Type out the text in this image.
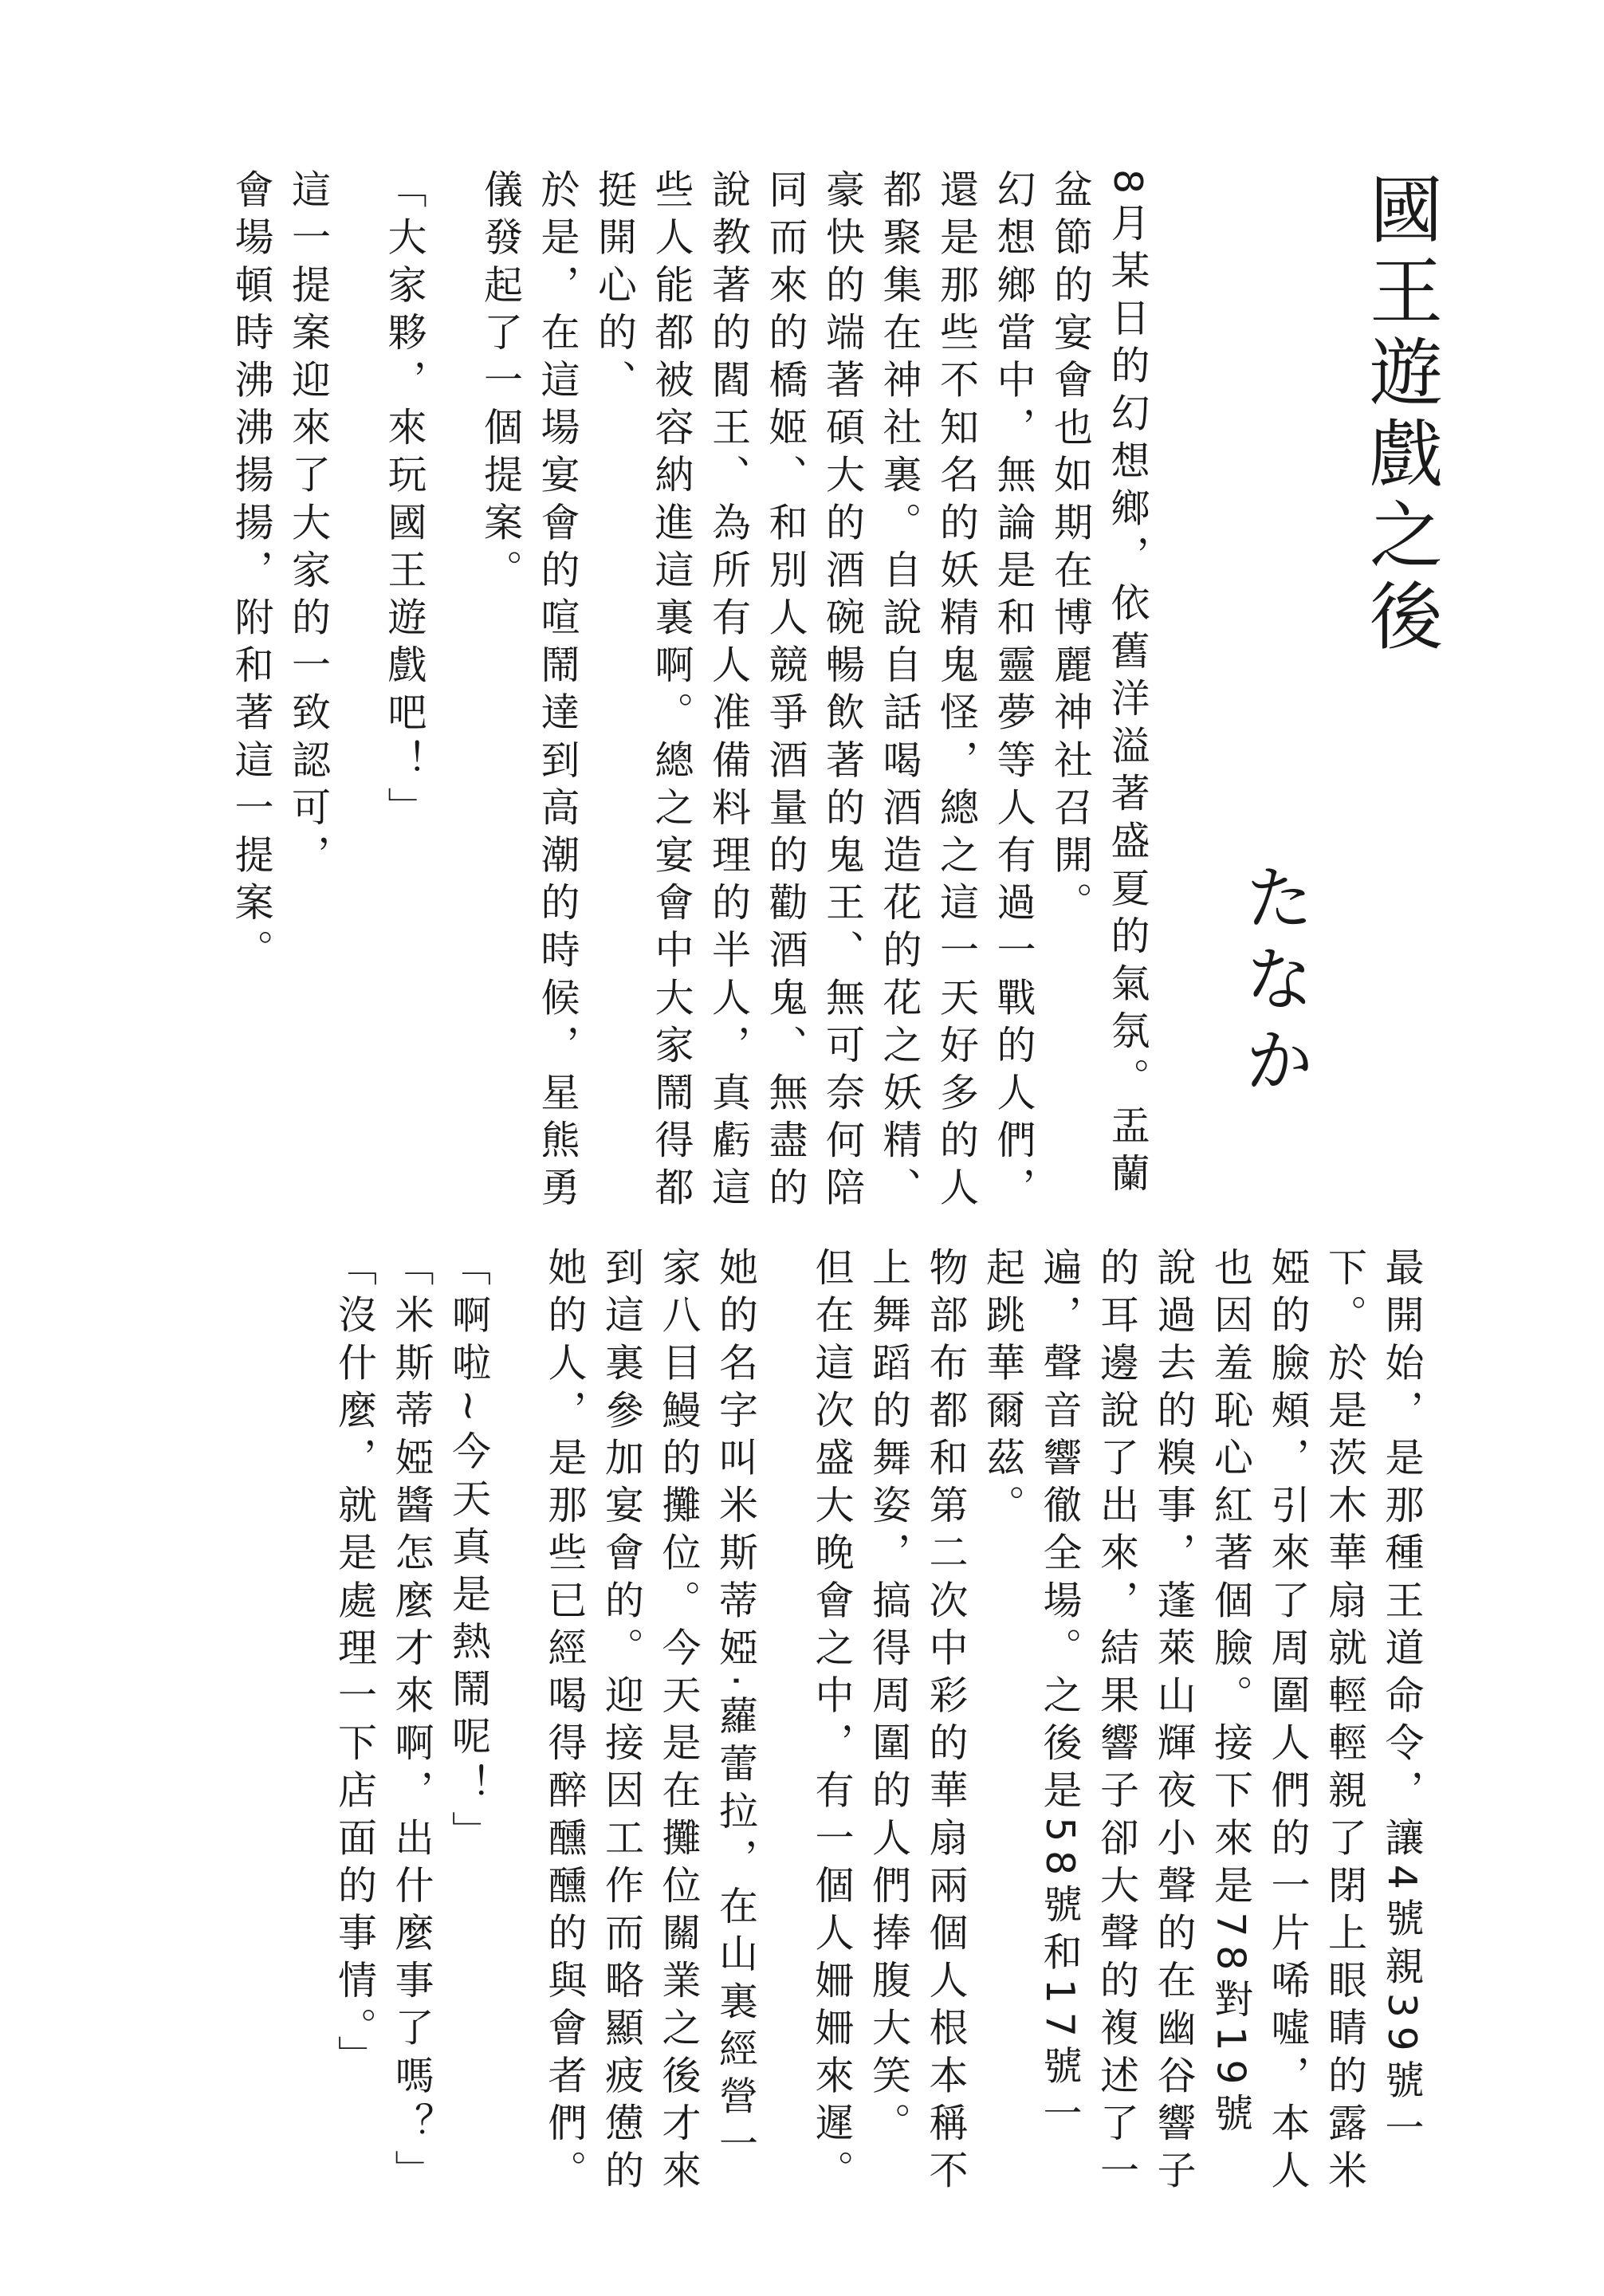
國王遊戲之後
たなか
8月某日的幻想鄉，依舊洋溢著盛夏的氣氛。盂蘭
盆節的宴會也如期在博麗神社召開。
幻想鄉當中，無論是和靈夢等人有過一戰的人們，
還是那些不知名的妖精鬼怪，總之這一天好多的人
都聚集在神社裏。自說自話喝酒造花的花之妖精、
豪快的端著碩大的酒碗暢飲著的鬼王、無可奈何陪
同而來的橋姬、和別人競爭酒量的勸酒鬼、無盡的
說教著的閻王、為所有人准備料理的半人，真虧這
些人能都被容納進這裏啊。總之宴會中大家鬧得都
挺開心的、
於是，在這場宴會的喧鬧達到高潮的時候，星熊勇
儀發起了一個提案。
「大家夥，來玩國王遊戲吧！」
這一提案迎來了大家的一致認可，
會場頓時沸沸揚揚，附和著這一提案。
最開始，是那種王道命令，讓4號親39號一
下。於是茨木華扇就輕輕親了閉上眼睛的露米
婭的臉頰，引來了周圍人們的一片唏噓，本人
也因羞恥心紅著個臉。接下來是78對19號
說過去的糗事，蓬萊山輝夜小聲的在幽谷響子
的耳邊說了出來，結果響子卻大聲的複述了一
遍，聲音響徹全場。之後是58號和17號一
起跳華爾茲。
物部布都和第二次中彩的華扇兩個人根本稱不
上舞蹈的舞姿，搞得周圍的人們捧腹大笑。
但在這次盛大晚會之中，有一個人姍姍來遲。
她的名字叫米斯蒂婭·蘿蕾拉，在山裏經營一
家八目鰻的攤位。今天是在攤位關業之後才來
到這裏參加宴會的。迎接因工作而略顯疲憊的
她的人，是那些已經喝得醉醺醺的與會者們。
「啊啦~今天真是熱鬧呢！」
「米斯蒂婭醬怎麼才來啊，出什麼事了嗎？」
「沒什麼，就是處理一下店面的事情。」
